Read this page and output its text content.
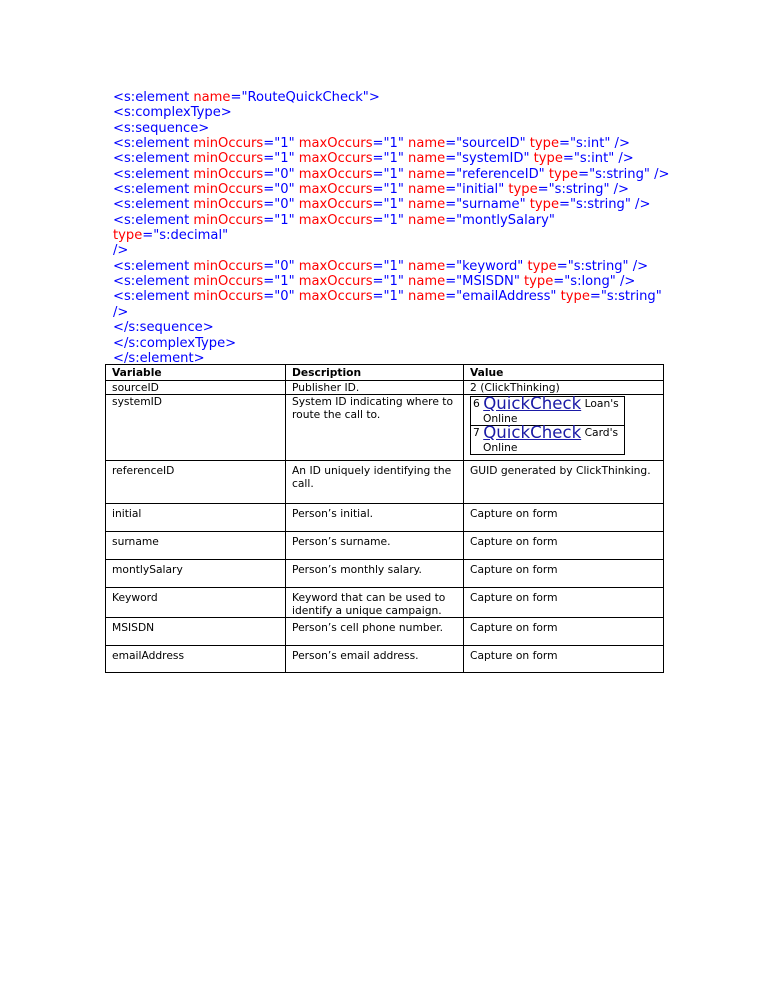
<s:element name="RouteQuickCheck">
<s:complexType>
<s:sequence>
<s:element minOccurs="1" maxOccurs="1" name="sourceID" type="s:int" />
<s:element minOccurs="1" maxOccurs="1" name="systemID" type="s:int" />
<s:element minOccurs="0" maxOccurs="1" name="referenceID" type="s:string" />
<s:element minOccurs="0" maxOccurs="1" name="initial" type="s:string" />
<s:element minOccurs="0" maxOccurs="1" name="surname" type="s:string" />
<s:element minOccurs="1" maxOccurs="1" name="montlySalary" type="s:decimal"
/>
<s:element minOccurs="0" maxOccurs="1" name="keyword" type="s:string" />
<s:element minOccurs="1" maxOccurs="1" name="MSISDN" type="s:long" />
<s:element minOccurs="0" maxOccurs="1" name="emailAddress" type="s:string"
/>
</s:sequence>
</s:complexType>
</s:element>
Variable	Description	Value
sourceID	Publisher ID.	2 (ClickThinking)
systemID	System ID indicating where to route the call to.	
6 QuickCheck Loan's
Online
7 QuickCheck Card's
Online

referenceID	An ID uniquely identifying the call.	GUID generated by ClickThinking.
initial	Person’s initial.	Capture on form
surname	Person’s surname.	Capture on form
montlySalary	Person’s monthly salary.	Capture on form
Keyword	Keyword that can be used to identify a unique campaign.	Capture on form
MSISDN	Person’s cell phone number.	Capture on form
emailAddress	Person’s email address.	Capture on form
